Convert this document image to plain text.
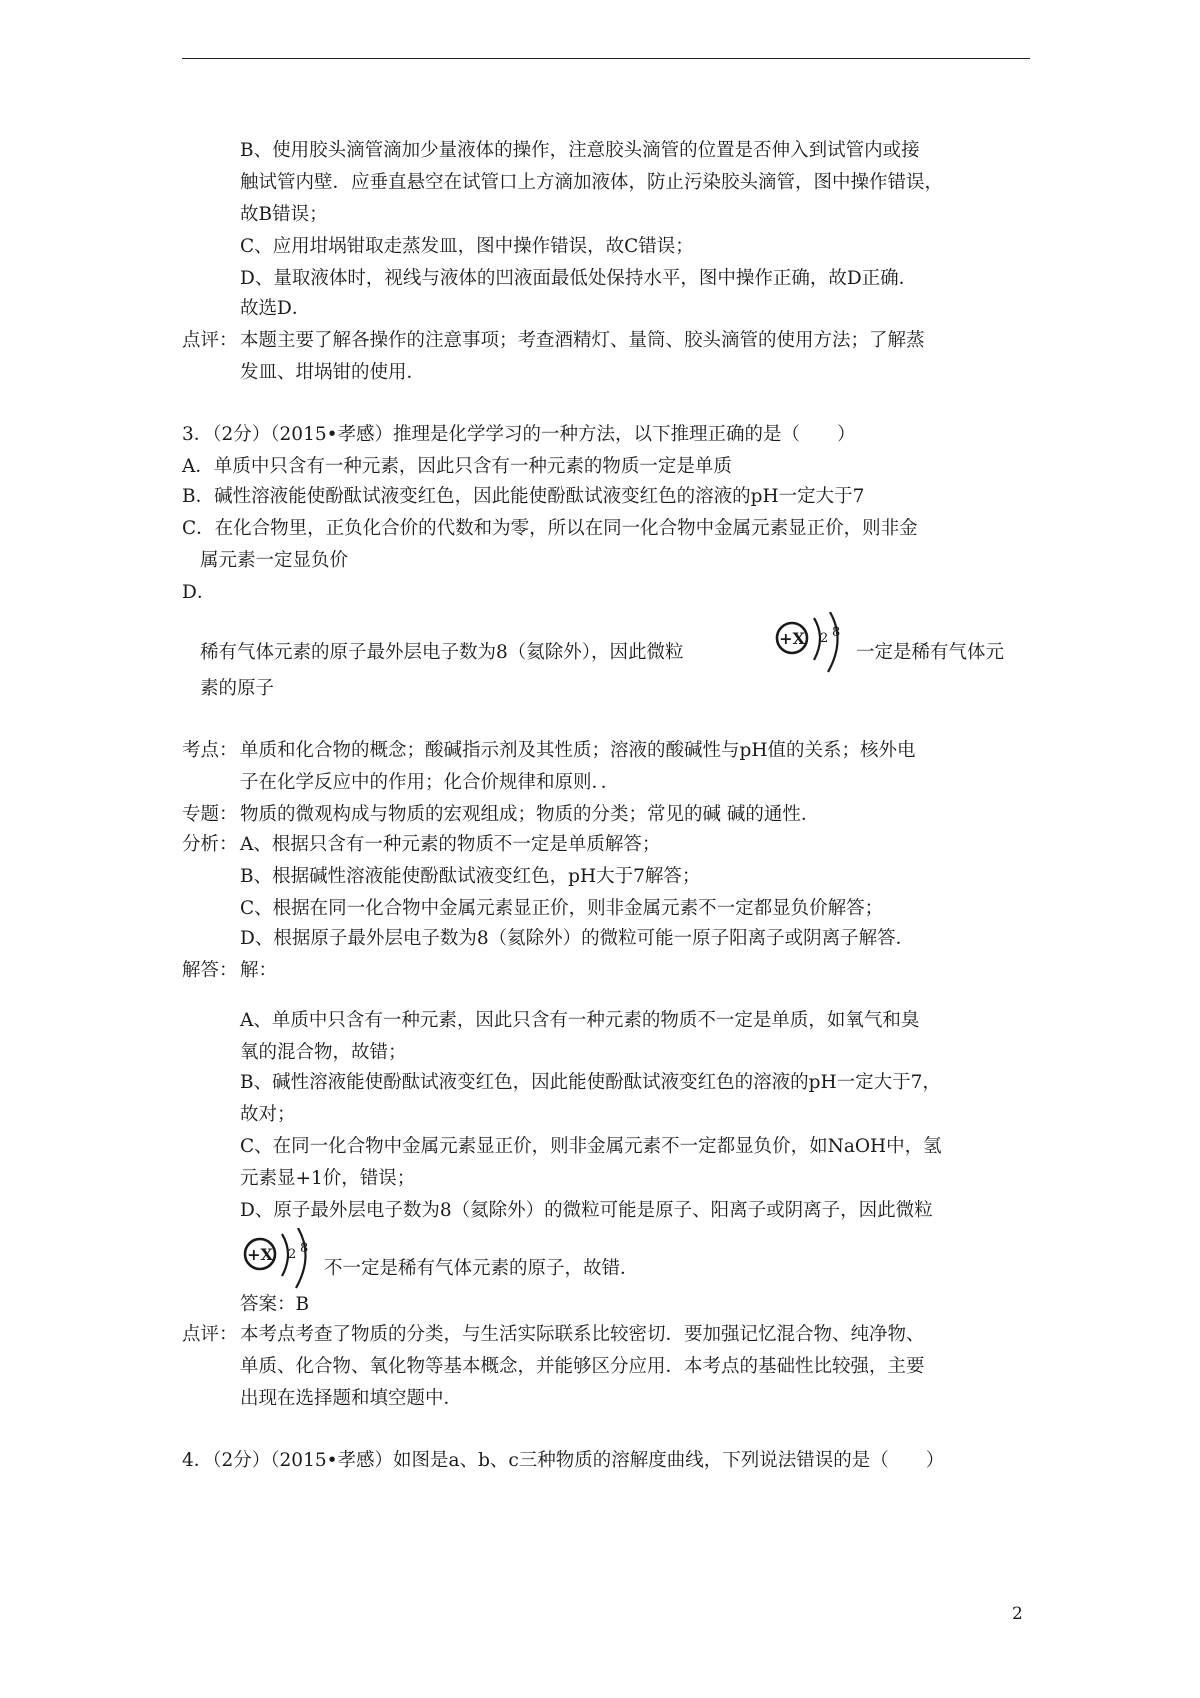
B、使用胶头滴管滴加少量液体的操作，注意胶头滴管的位置是否伸入到试管内或接
触试管内壁．应垂直悬空在试管口上方滴加液体，防止污染胶头滴管，图中操作错误，
故B错误；
C、应用坩埚钳取走蒸发皿，图中操作错误，故C错误；
D、量取液体时，视线与液体的凹液面最低处保持水平，图中操作正确，故D正确．
故选D．
点评： 本题主要了解各操作的注意事项；考查酒精灯、量筒、胶头滴管的使用方法；了解蒸
发皿、坩埚钳的使用．
3．（2分）（2015•孝感）推理是化学学习的一种方法，以下推理正确的是（　　）
A．单质中只含有一种元素，因此只含有一种元素的物质一定是单质
B．碱性溶液能使酚酞试液变红色，因此能使酚酞试液变红色的溶液的pH一定大于7
C．在化合物里，正负化合价的代数和为零，所以在同一化合物中金属元素显正价，则非金
属元素一定显负价
D．
稀有气体元素的原子最外层电子数为8（氦除外），因此微粒
+X 2 8
一定是稀有气体元
素的原子
考点： 单质和化合物的概念；酸碱指示剂及其性质；溶液的酸碱性与pH值的关系；核外电
子在化学反应中的作用；化合价规律和原则．．
专题： 物质的微观构成与物质的宏观组成；物质的分类；常见的碱 碱的通性．
分析： A、根据只含有一种元素的物质不一定是单质解答；
B、根据碱性溶液能使酚酞试液变红色，pH大于7解答；
C、根据在同一化合物中金属元素显正价，则非金属元素不一定都显负价解答；
D、根据原子最外层电子数为8（氦除外）的微粒可能一原子阳离子或阴离子解答．
解答： 解：
A、单质中只含有一种元素，因此只含有一种元素的物质不一定是单质，如氧气和臭
氧的混合物，故错；
B、碱性溶液能使酚酞试液变红色，因此能使酚酞试液变红色的溶液的pH一定大于7，
故对；
C、在同一化合物中金属元素显正价，则非金属元素不一定都显负价，如NaOH中，氢
元素显+1价，错误；
D、原子最外层电子数为8（氦除外）的微粒可能是原子、阳离子或阴离子，因此微粒
+X 2 8
不一定是稀有气体元素的原子，故错．
答案：B
点评： 本考点考查了物质的分类，与生活实际联系比较密切．要加强记忆混合物、纯净物、
单质、化合物、氧化物等基本概念，并能够区分应用．本考点的基础性比较强，主要
出现在选择题和填空题中．
4．（2分）（2015•孝感）如图是a、b、c三种物质的溶解度曲线，下列说法错误的是（　　）
2
